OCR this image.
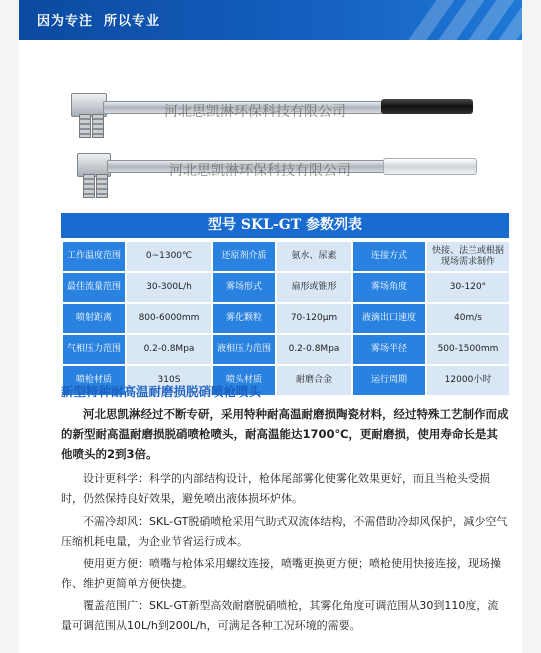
因为专注  所以专业
河北思凯淋环保科技有限公司
河北思凯淋环保科技有限公司
型号 SKL-GT 参数列表
工作温度范围	0~1300℃	还原剂介质	氨水、尿素	连接方式	快接、法兰或根据现场需求制作
最佳流量范围	30-300L/h	雾场形式	扇形或锥形	雾场角度	30-120°
喷射距离	800-6000mm	雾化颗粒	70-120μm	液滴出口速度	40m/s
气相压力范围	0.2-0.8Mpa	液相压力范围	0.2-0.8Mpa	雾场半径	500-1500mm
喷枪材质	310S	喷头材质	耐磨合金	运行周期	12000小时
新型特种耐高温耐磨损脱硝喷枪喷头
河北思凯淋经过不断专研，采用特种耐高温耐磨损陶瓷材料，经过特殊工艺制作而成的新型耐高温耐磨损脱硝喷枪喷头，耐高温能达1700℃，更耐磨损，使用寿命长是其他喷头的2到3倍。
设计更科学：科学的内部结构设计，枪体尾部雾化使雾化效果更好，而且当枪头受损时，仍然保持良好效果，避免喷出液体损坏炉体。
不需冷却风：SKL-GT脱硝喷枪采用气助式双流体结构，不需借助冷却风保护，减少空气压缩机耗电量，为企业节省运行成本。
使用更方便：喷嘴与枪体采用螺纹连接，喷嘴更换更方便；喷枪使用快接连接，现场操作、维护更简单方便快捷。
覆盖范围广：SKL-GT新型高效耐磨脱硝喷枪，其雾化角度可调范围从30到110度，流量可调范围从10L/h到200L/h，可满足各种工况环境的需要。
